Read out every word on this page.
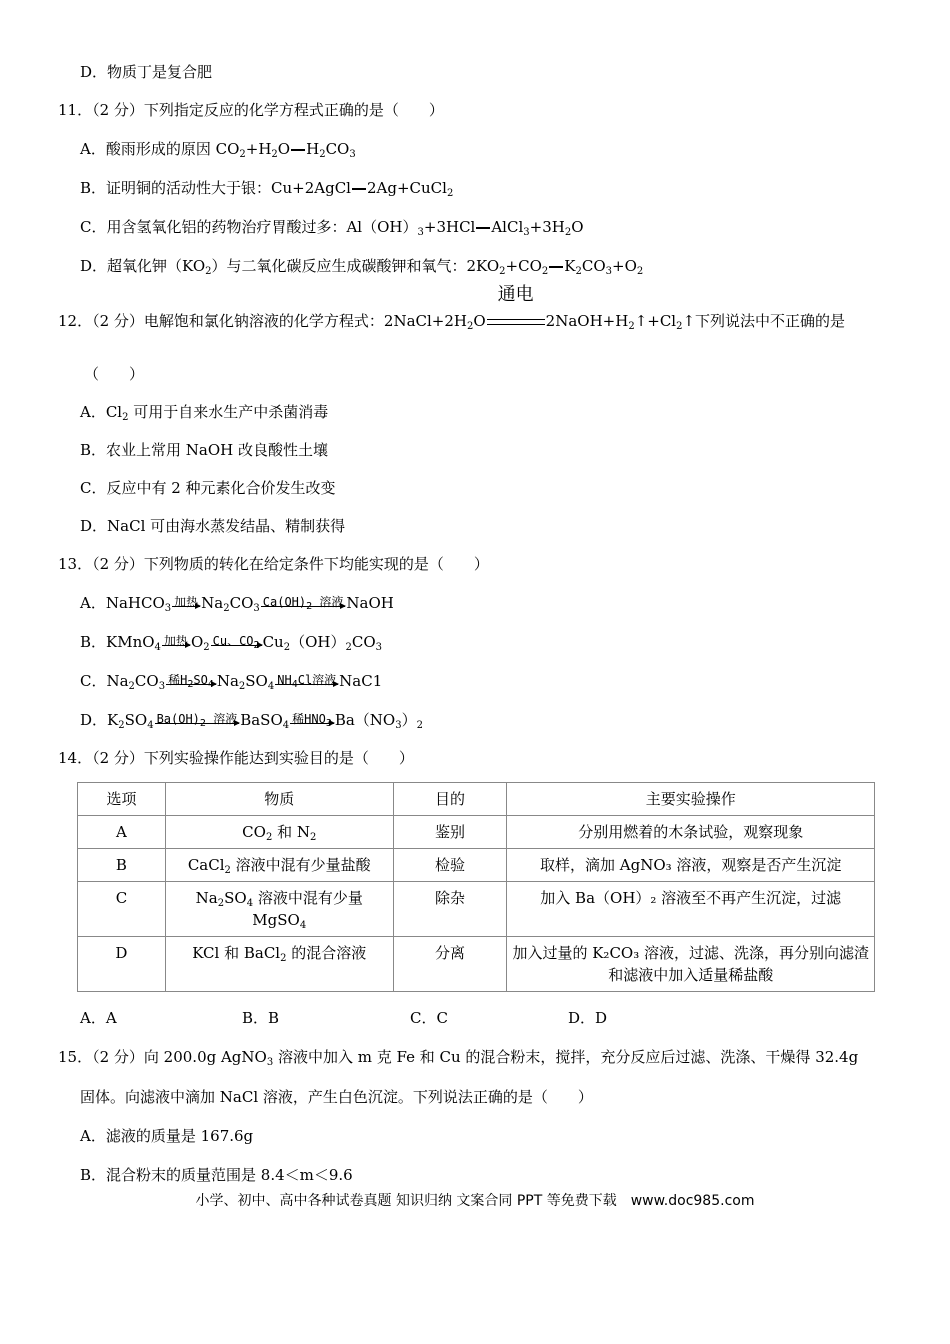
D．物质丁是复合肥
11．（2 分）下列指定反应的化学方程式正确的是（　　）
A．酸雨形成的原因 $CO_2+H_2O$ $H_2CO_3$
B．证明铜的活动性大于银：Cu+2AgCl 2Ag+CuCl$_2$
C．用含氢氧化铝的药物治疗胃酸过多：$Al(OH)_3+3HCl$ $AlCl_3+3H_2O$
D．超氧化钾$(KO_2)$与二氧化碳反应生成碳酸钾和氧气：$2KO_2+CO_2$ $K_2CO_3+O_2$
12．（2 分）电解饱和氯化钠溶液的化学方程式：$2NaCl+2H_2O$
通电
$2NaOH+H_2↑+Cl_2↑$下列说法中不正确的是
（　　）
A．$Cl_2$ 可用于自来水生产中杀菌消毒
B．农业上常用 NaOH 改良酸性土壤
C．反应中有 2 种元素化合价发生改变
D．NaCl 可由海水蒸发结晶、精制获得
13．（2 分）下列物质的转化在给定条件下均能实现的是（　　）
A．NaHCO$_3$ 加热 $Na_2CO_3$ $Ca(OH)_2$ 溶液 NaOH
B．KMnO$_4$ 加热 $O_2$ Cu、$CO_2$ $Cu_2(OH)_2CO_3$
C．$Na_2CO_3$ 稀$H_2SO_4$ $Na_2SO_4$ $NH_4Cl$溶液 NaC1
D．$K_2SO_4$ $Ba(OH)_2$ 溶液 BaSO$_4$ 稀$HNO_3$ $Ba(NO_3)_2$
14．（2 分）下列实验操作能达到实验目的是（　　）
选项	物质	目的	主要实验操作
A	$CO_2$ 和 $N_2$	鉴别	分别用燃着的木条试验，观察现象
B	CaCl$_2$ 溶液中混有少量盐酸	检验	取样，滴加 AgNO₃ 溶液，观察是否产生沉淀
C	$Na_2SO_4$ 溶液中混有少量
MgSO$_4$	除杂	加入 Ba（OH）₂ 溶液至不再产生沉淀，过滤
D	KCl 和 BaCl$_2$ 的混合溶液	分离	加入过量的 K₂CO₃ 溶液，过滤、洗涤，再分别向滤渣和滤液中加入适量稀盐酸
A．A	B．B	C．C	D．D
15．（2 分）向 200.0g AgNO$_3$ 溶液中加入 m 克 Fe 和 Cu 的混合粉末，搅拌，充分反应后过滤、洗涤、干燥得 32.4g
固体。向滤液中滴加 NaCl 溶液，产生白色沉淀。下列说法正确的是（　　）
A．滤液的质量是 167.6g
B．混合粉末的质量范围是 8.4＜m＜9.6
小学、初中、高中各种试卷真题 知识归纳 文案合同 PPT 等免费下载　www.doc985.com
